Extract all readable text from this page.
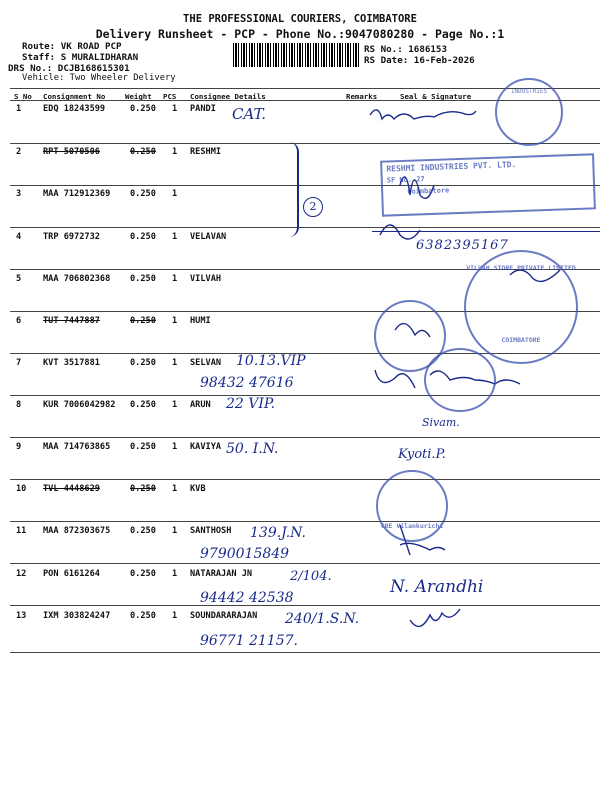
THE PROFESSIONAL COURIERS, COIMBATORE
Delivery Runsheet - PCP - Phone No.:9047080280 - Page No.:1
Route: VK ROAD PCP
Staff: S MURALIDHARAN
DRS No.: DCJB168615301
RS No.: 1686153
RS Date: 16-Feb-2026
Vehicle: Two Wheeler Delivery
S No Consignment No	Weight PCS Consignee Details	Remarks	Seal & Signature
1	EDQ 18243599	0.250 1 PANDI
2	RPT 5070506	0.250 1 RESHMI
3	MAA 712912369 0.250 1
4	TRP 6972732	0.250 1 VELAVAN
5	MAA 706802368 0.250 1 VILVAH
6	TUT 7447887	0.250 1 HUMI
7	KVT 3517881	0.250 1 SELVAN
8	KUR 7006042982 0.250 1 ARUN
9	MAA 714763865 0.250 1 KAVIYA
10 TVL 4448629	0.250 1 KVB
11 MAA 872303675 0.250 1 SANTHOSH
12 PON 6161264	0.250 1 NATARAJAN JN
13 IXM 303824247 0.250 1 SOUNDARARAJAN
CAT.
2
6382395167
10.13.VIP
98432 47616
22 VIP.
Sivam.
50. I.N.	Kyoti.P.
139.J.N.
9790015849
2/104.
94442 42538
N. Arandhi
240/1.S.N.
96771 21157.
INDUSTRIES
RESHMI INDUSTRIES PVT. LTD.
SF No. 27
Coimbatore
VILVAH STORE PRIVATE LIMITED
COIMBATORE
CBE Vilankurichi
